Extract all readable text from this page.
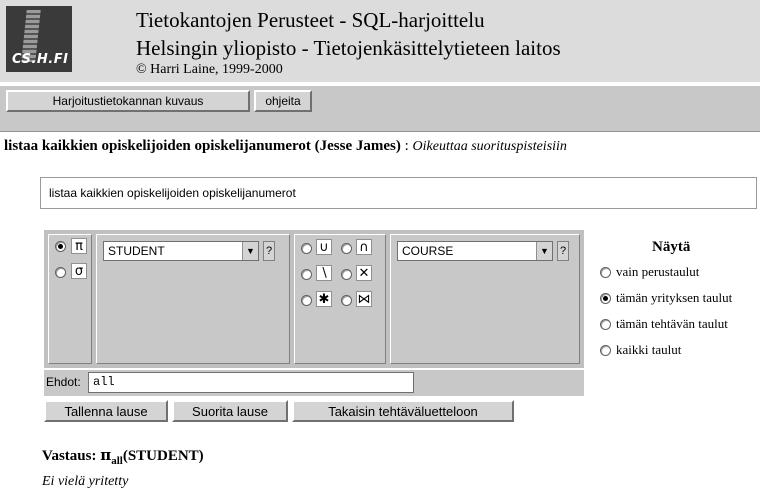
CS.H.FI
Tietokantojen Perusteet - SQL-harjoittelu
Helsingin yliopisto - Tietojenkäsittelytieteen laitos
© Harri Laine, 1999-2000
Harjoitustietokannan kuvaus	ohjeita
listaa kaikkien opiskelijoiden opiskelijanumerot (Jesse James) : Oikeuttaa suorituspisteisiin
listaa kaikkien opiskelijoiden opiskelijanumerot
π
σ
STUDENT	▼ ?	∪ ∩
∖ ✕
✱ ⋈
COURSE	▼ ?
Ehdot:	all
Tallenna lause	Suorita lause	Takaisin tehtäväluetteloon
Näytä
vain perustaulut
tämän yrityksen taulut
tämän tehtävän taulut
kaikki taulut
Vastaus: $\pi_{all}(STUDENT)$
Ei vielä yritetty
